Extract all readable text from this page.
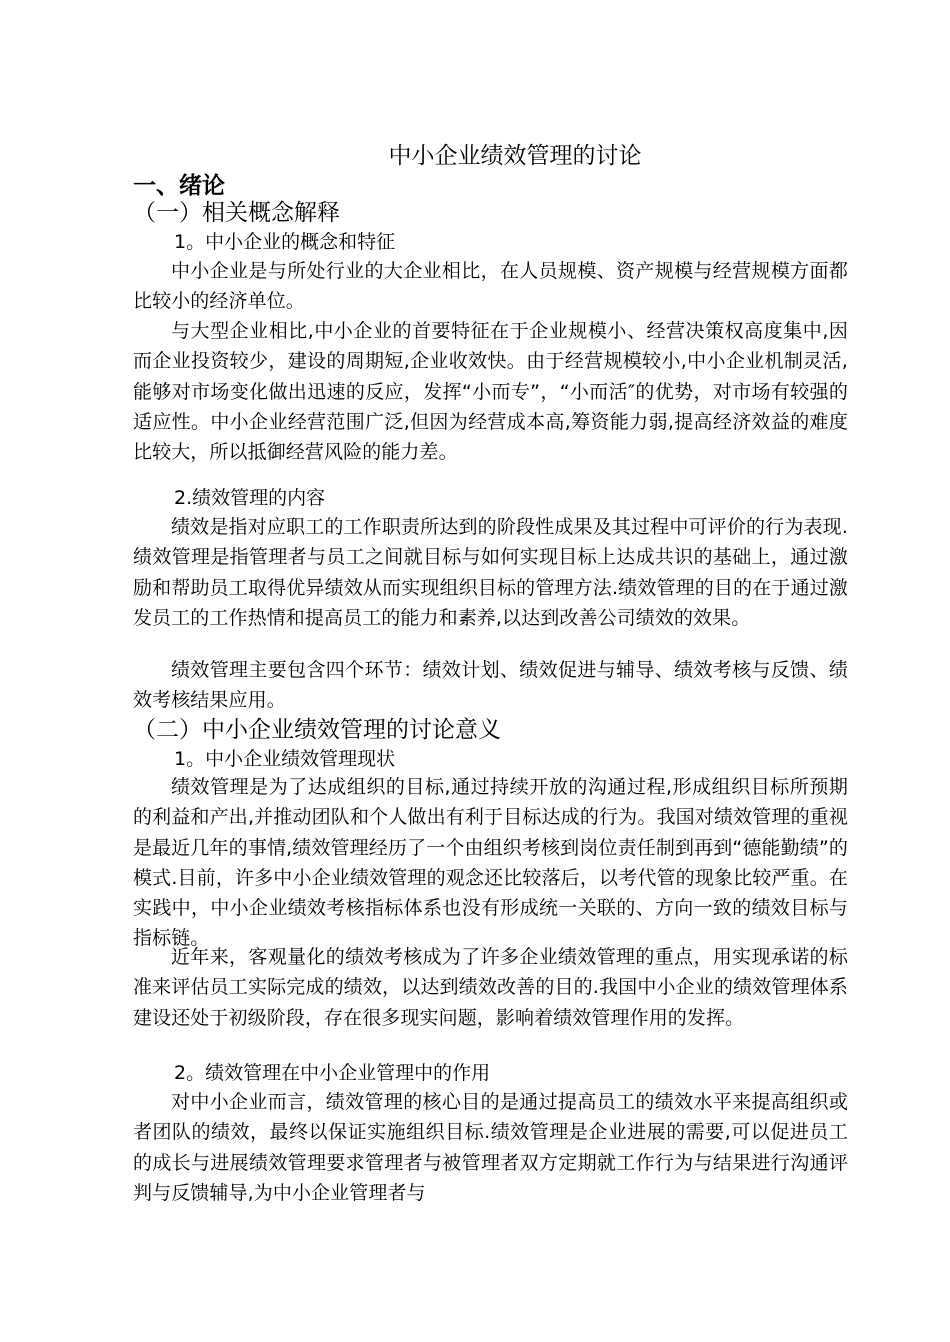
中小企业绩效管理的讨论
一、绪论
（一）相关概念解释
1。中小企业的概念和特征

中小企业是与所处行业的大企业相比，在人员规模、资产规模与经营规模方面都比较小的经济单位。

与大型企业相比,中小企业的首要特征在于企业规模小、经营决策权高度集中,因而企业投资较少，建设的周期短,企业收效快。由于经营规模较小,中小企业机制灵活,能够对市场变化做出迅速的反应，发挥“小而专”，“小而活″的优势，对市场有较强的适应性。中小企业经营范围广泛,但因为经营成本高,筹资能力弱,提高经济效益的难度比较大，所以抵御经营风险的能力差。

2.绩效管理的内容

绩效是指对应职工的工作职责所达到的阶段性成果及其过程中可评价的行为表现.绩效管理是指管理者与员工之间就目标与如何实现目标上达成共识的基础上，通过激励和帮助员工取得优异绩效从而实现组织目标的管理方法.绩效管理的目的在于通过激发员工的工作热情和提高员工的能力和素养,以达到改善公司绩效的效果。

绩效管理主要包含四个环节：绩效计划、绩效促进与辅导、绩效考核与反馈、绩效考核结果应用。

（二）中小企业绩效管理的讨论意义
1。中小企业绩效管理现状

绩效管理是为了达成组织的目标,通过持续开放的沟通过程,形成组织目标所预期的利益和产出,并推动团队和个人做出有利于目标达成的行为。我国对绩效管理的重视是最近几年的事情,绩效管理经历了一个由组织考核到岗位责任制到再到“德能勤绩”的模式.目前，许多中小企业绩效管理的观念还比较落后，以考代管的现象比较严重。在实践中，中小企业绩效考核指标体系也没有形成统一关联的、方向一致的绩效目标与指标链。

近年来，客观量化的绩效考核成为了许多企业绩效管理的重点，用实现承诺的标准来评估员工实际完成的绩效，以达到绩效改善的目的.我国中小企业的绩效管理体系建设还处于初级阶段，存在很多现实问题，影响着绩效管理作用的发挥。

2。绩效管理在中小企业管理中的作用

对中小企业而言，绩效管理的核心目的是通过提高员工的绩效水平来提高组织或者团队的绩效，最终以保证实施组织目标.绩效管理是企业进展的需要,可以促进员工的成长与进展绩效管理要求管理者与被管理者双方定期就工作行为与结果进行沟通评判与反馈辅导,为中小企业管理者与
